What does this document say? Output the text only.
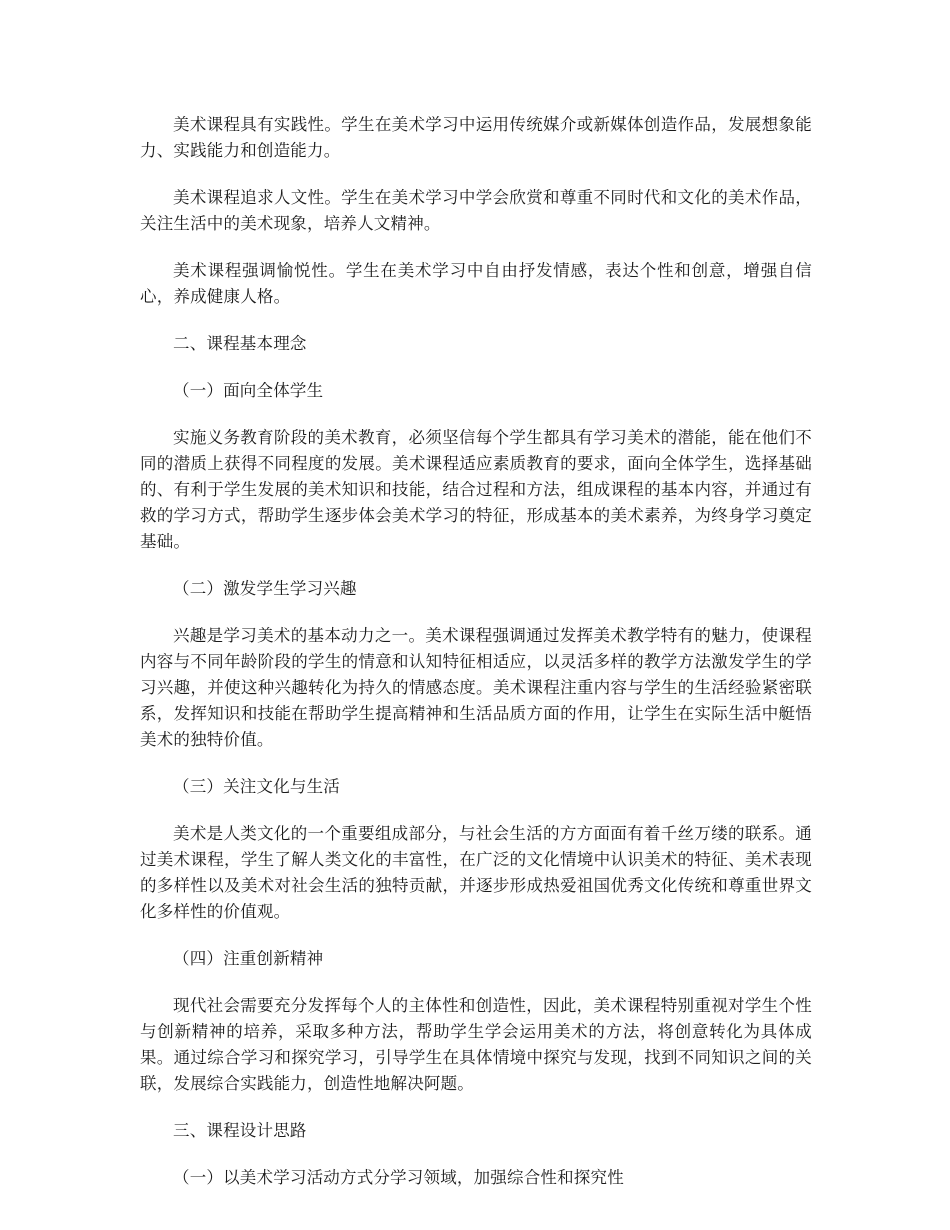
美术课程具有实践性。学生在美术学习中运用传统媒介或新媒体创造作品，发展想象能力、实践能力和创造能力。

美术课程追求人文性。学生在美术学习中学会欣赏和尊重不同时代和文化的美术作品，关注生活中的美术现象，培养人文精神。

美术课程强调愉悦性。学生在美术学习中自由抒发情感，表达个性和创意，增强自信心，养成健康人格。

二、课程基本理念

（一）面向全体学生

实施义务教育阶段的美术教育，必须坚信每个学生都具有学习美术的潜能，能在他们不同的潜质上获得不同程度的发展。美术课程适应素质教育的要求，面向全体学生，选择基础的、有利于学生发展的美术知识和技能，结合过程和方法，组成课程的基本内容，并通过有救的学习方式，帮助学生逐步体会美术学习的特征，形成基本的美术素养，为终身学习奠定基础。

（二）激发学生学习兴趣

兴趣是学习美术的基本动力之一。美术课程强调通过发挥美术教学特有的魅力，使课程内容与不同年龄阶段的学生的情意和认知特征相适应，以灵活多样的教学方法激发学生的学习兴趣，并使这种兴趣转化为持久的情感态度。美术课程注重内容与学生的生活经验紧密联系，发挥知识和技能在帮助学生提高精神和生活品质方面的作用，让学生在实际生活中艇悟美术的独特价值。

（三）关注文化与生活

美术是人类文化的一个重要组成部分，与社会生活的方方面面有着千丝万缕的联系。通过美术课程，学生了解人类文化的丰富性，在广泛的文化情境中认识美术的特征、美术表现的多样性以及美术对社会生活的独特贡献，并逐步形成热爱祖国优秀文化传统和尊重世界文化多样性的价值观。

（四）注重创新精神

现代社会需要充分发挥每个人的主体性和创造性，因此，美术课程特别重视对学生个性与创新精神的培养，采取多种方法，帮助学生学会运用美术的方法，将创意转化为具体成果。通过综合学习和探究学习，引导学生在具体情境中探究与发现，找到不同知识之间的关联，发展综合实践能力，创造性地解决阿题。

三、课程设计思路

（一）以美术学习活动方式分学习领域，加强综合性和探究性
